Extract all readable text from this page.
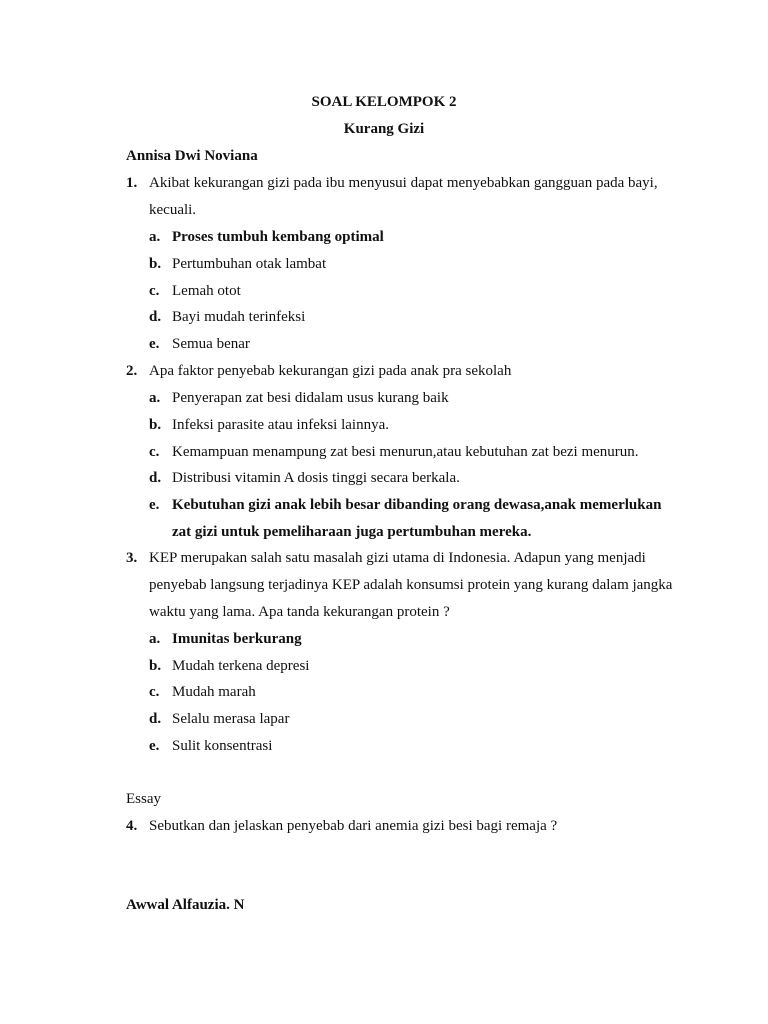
SOAL KELOMPOK 2
Kurang Gizi
Annisa Dwi Noviana
1. Akibat kekurangan gizi pada ibu menyusui dapat menyebabkan gangguan pada bayi,
kecuali.
a. Proses tumbuh kembang optimal
b. Pertumbuhan otak lambat
c. Lemah otot
d. Bayi mudah terinfeksi
e. Semua benar
2. Apa faktor penyebab kekurangan gizi pada anak pra sekolah
a. Penyerapan zat besi didalam usus kurang baik
b. Infeksi parasite atau infeksi lainnya.
c. Kemampuan menampung zat besi menurun,atau kebutuhan zat bezi menurun.
d. Distribusi vitamin A dosis tinggi secara berkala.
e. Kebutuhan gizi anak lebih besar dibanding orang dewasa,anak memerlukan
zat gizi untuk pemeliharaan juga pertumbuhan mereka.
3. KEP merupakan salah satu masalah gizi utama di Indonesia. Adapun yang menjadi
penyebab langsung terjadinya KEP adalah konsumsi protein yang kurang dalam jangka
waktu yang lama. Apa tanda kekurangan protein ?
a. Imunitas berkurang
b. Mudah terkena depresi
c. Mudah marah
d. Selalu merasa lapar
e. Sulit konsentrasi
Essay
4. Sebutkan dan jelaskan penyebab dari anemia gizi besi bagi remaja ?
Awwal Alfauzia. N
